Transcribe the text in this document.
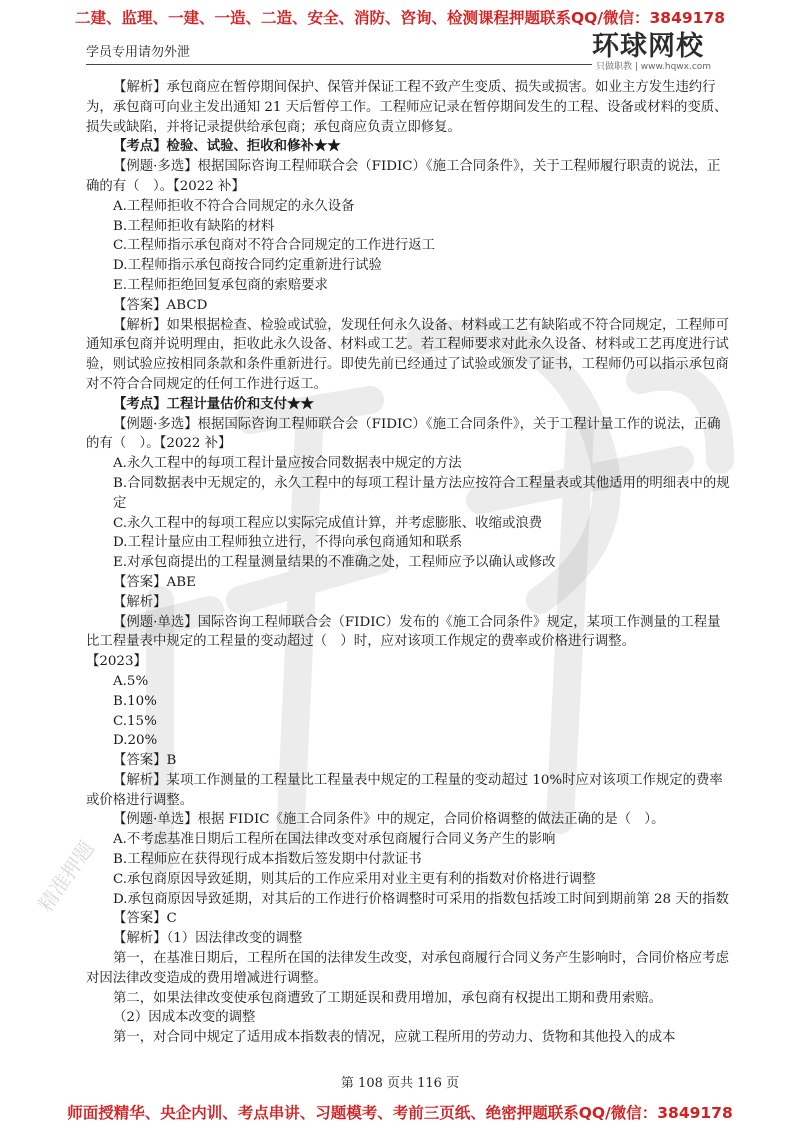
二建、监理、一建、一造、二造、安全、消防、咨询、检测课程押题联系QQ/微信：3849178
学员专用请勿外泄	环球网校
只做职教 | www.hqwx.com
精准押题

【解析】承包商应在暂停期间保护、保管并保证工程不致产生变质、损失或损害。如业主方发生违约行为，承包商可向业主发出通知 21 天后暂停工作。工程师应记录在暂停期间发生的工程、设备或材料的变质、损失或缺陷，并将记录提供给承包商；承包商应负责立即修复。

【考点】检验、试验、拒收和修补★★

【例题·多选】根据国际咨询工程师联合会（FIDIC）《施工合同条件》，关于工程师履行职责的说法，正确的有（　）。【2022 补】

A.工程师拒收不符合合同规定的永久设备

B.工程师拒收有缺陷的材料

C.工程师指示承包商对不符合合同规定的工作进行返工

D.工程师指示承包商按合同约定重新进行试验

E.工程师拒绝回复承包商的索赔要求

【答案】ABCD

【解析】如果根据检查、检验或试验，发现任何永久设备、材料或工艺有缺陷或不符合同规定，工程师可通知承包商并说明理由，拒收此永久设备、材料或工艺。若工程师要求对此永久设备、材料或工艺再度进行试验，则试验应按相同条款和条件重新进行。即使先前已经通过了试验或颁发了证书，工程师仍可以指示承包商对不符合合同规定的任何工作进行返工。

【考点】工程计量估价和支付★★

【例题·多选】根据国际咨询工程师联合会（FIDIC）《施工合同条件》，关于工程计量工作的说法，正确的有（　）。【2022 补】

A.永久工程中的每项工程计量应按合同数据表中规定的方法

B.合同数据表中无规定的，永久工程中的每项工程计量方法应按符合工程量表或其他适用的明细表中的规定

C.永久工程中的每项工程应以实际完成值计算，并考虑膨胀、收缩或浪费

D.工程计量应由工程师独立进行，不得向承包商通知和联系

E.对承包商提出的工程量测量结果的不准确之处，工程师应予以确认或修改

【答案】ABE

【解析】

【例题·单选】国际咨询工程师联合会（FIDIC）发布的《施工合同条件》规定，某项工作测量的工程量比工程量表中规定的工程量的变动超过（　）时，应对该项工作规定的费率或价格进行调整。

【2023】

A.5%

B.10%

C.15%

D.20%

【答案】B

【解析】某项工作测量的工程量比工程量表中规定的工程量的变动超过 10%时应对该项工作规定的费率或价格进行调整。

【例题·单选】根据 FIDIC《施工合同条件》中的规定，合同价格调整的做法正确的是（　）。

A.不考虑基准日期后工程所在国法律改变对承包商履行合同义务产生的影响

B.工程师应在获得现行成本指数后签发期中付款证书

C.承包商原因导致延期，则其后的工作应采用对业主更有利的指数对价格进行调整

D.承包商原因导致延期，对其后的工作进行价格调整时可采用的指数包括竣工时间到期前第 28 天的指数

【答案】C

【解析】（1）因法律改变的调整

第一，在基准日期后，工程所在国的法律发生改变，对承包商履行合同义务产生影响时，合同价格应考虑对因法律改变造成的费用增减进行调整。

第二，如果法律改变使承包商遭致了工期延误和费用增加，承包商有权提出工期和费用索赔。

（2）因成本改变的调整

第一，对合同中规定了适用成本指数表的情况，应就工程所用的劳动力、货物和其他投入的成本

第 108 页共 116 页
师面授精华、央企内训、考点串讲、习题模考、考前三页纸、绝密押题联系QQ/微信：3849178
